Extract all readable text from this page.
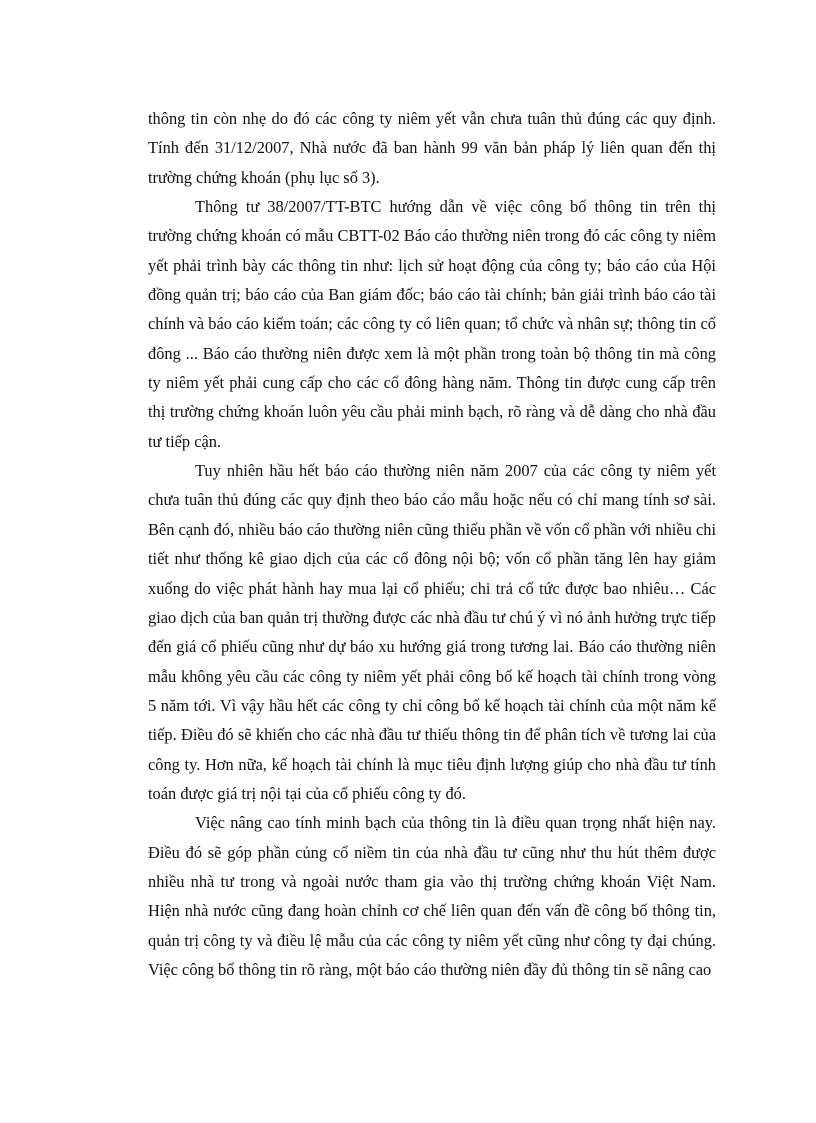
thông tin còn nhẹ do đó các công ty niêm yết vẫn chưa tuân thủ đúng các quy định. Tính đến 31/12/2007, Nhà nước đã ban hành 99 văn bản pháp lý liên quan đến thị trường chứng khoán (phụ lục số 3).

Thông tư 38/2007/TT-BTC hướng dẫn về việc công bố thông tin trên thị trường chứng khoán có mẫu CBTT-02 Báo cáo thường niên trong đó các công ty niêm yết phải trình bày các thông tin như: lịch sử hoạt động của công ty; báo cáo của Hội đồng quản trị; báo cáo của Ban giám đốc; báo cáo tài chính; bản giải trình báo cáo tài chính và báo cáo kiểm toán; các công ty có liên quan; tổ chức và nhân sự; thông tin cổ đông ... Báo cáo thường niên được xem là một phần trong toàn bộ thông tin mà công ty niêm yết phải cung cấp cho các cổ đông hàng năm. Thông tin được cung cấp trên thị trường chứng khoán luôn yêu cầu phải minh bạch, rõ ràng và dễ dàng cho nhà đầu tư tiếp cận.

Tuy nhiên hầu hết báo cáo thường niên năm 2007 của các công ty niêm yết chưa tuân thủ đúng các quy định theo báo cáo mẫu hoặc nếu có chỉ mang tính sơ sài. Bên cạnh đó, nhiều báo cáo thường niên cũng thiếu phần về vốn cổ phần với nhiều chi tiết như thống kê giao dịch của các cổ đông nội bộ; vốn cổ phần tăng lên hay giảm xuống do việc phát hành hay mua lại cổ phiếu; chi trả cổ tức được bao nhiêu… Các giao dịch của ban quản trị thường được các nhà đầu tư chú ý vì nó ảnh hưởng trực tiếp đến giá cổ phiếu cũng như dự báo xu hướng giá trong tương lai. Báo cáo thường niên mẫu không yêu cầu các công ty niêm yết phải công bố kế hoạch tài chính trong vòng 5 năm tới. Vì vậy hầu hết các công ty chỉ công bố kế hoạch tài chính của một năm kế tiếp. Điều đó sẽ khiến cho các nhà đầu tư thiếu thông tin để phân tích về tương lai của công ty. Hơn nữa, kế hoạch tài chính là mục tiêu định lượng giúp cho nhà đầu tư tính toán được giá trị nội tại của cổ phiếu công ty đó.

Việc nâng cao tính minh bạch của thông tin là điều quan trọng nhất hiện nay. Điều đó sẽ góp phần củng cố niềm tin của nhà đầu tư cũng như thu hút thêm được nhiều nhà tư trong và ngoài nước tham gia vào thị trường chứng khoán Việt Nam. Hiện nhà nước cũng đang hoàn chỉnh cơ chế liên quan đến vấn đề công bố thông tin, quản trị công ty và điều lệ mẫu của các công ty niêm yết cũng như công ty đại chúng. Việc công bố thông tin rõ ràng, một báo cáo thường niên đầy đủ thông tin sẽ nâng cao
